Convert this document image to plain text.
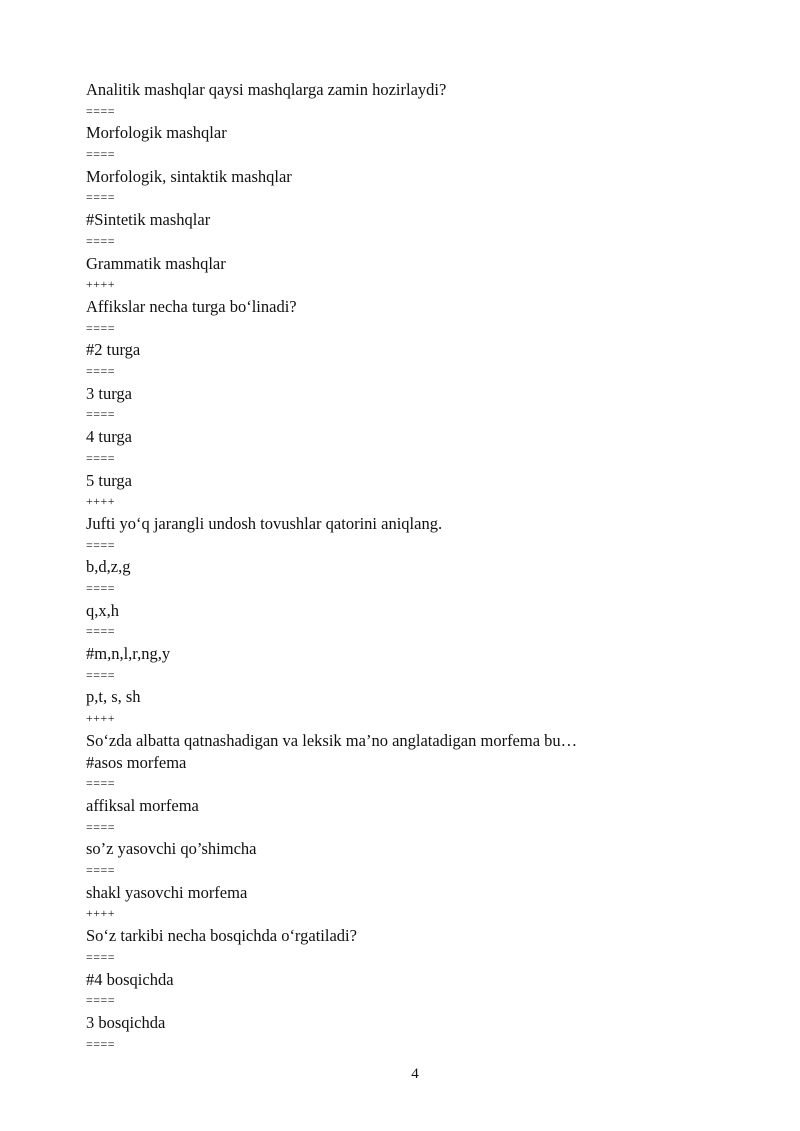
Analitik mashqlar qaysi mashqlarga zamin hozirlaydi?
====
Morfologik mashqlar
====
Morfologik, sintaktik mashqlar
====
#Sintetik mashqlar
====
Grammatik mashqlar
++++
Affikslar necha turga bo‘linadi?
====
#2 turga
====
3 turga
====
4 turga
====
5 turga
++++
Jufti yo‘q jarangli undosh tovushlar qatorini aniqlang.
====
b,d,z,g
====
q,x,h
====
#m,n,l,r,ng,y
====
p,t, s, sh
++++
So‘zda albatta qatnashadigan va leksik ma’no anglatadigan morfema bu…
#asos morfema
====
affiksal morfema
====
so’z yasovchi qo’shimcha
====
shakl yasovchi morfema
++++
So‘z tarkibi necha bosqichda o‘rgatiladi?
====
#4 bosqichda
====
3 bosqichda
====
4
